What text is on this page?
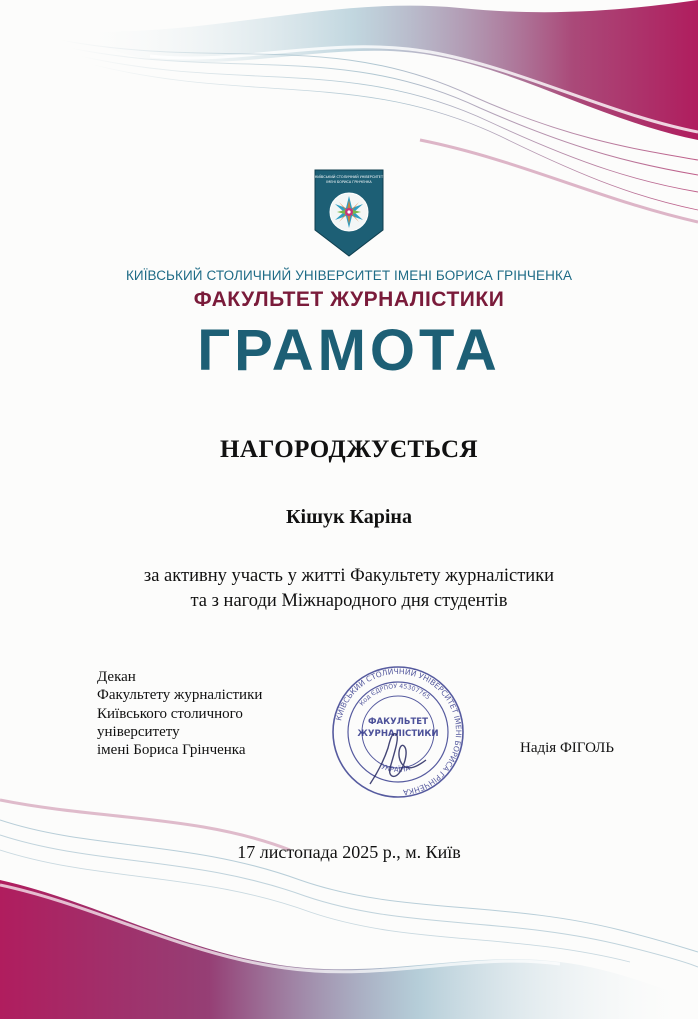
КИЇВСЬКИЙ СТОЛИЧНИЙ УНІВЕРСИТЕТ
ІМЕНІ БОРИСА ГРІНЧЕНКА
КИЇВСЬКИЙ СТОЛИЧНИЙ УНІВЕРСИТЕТ ІМЕНІ БОРИСА ГРІНЧЕНКА
ФАКУЛЬТЕТ ЖУРНАЛІСТИКИ
ГРАМОТА
НАГОРОДЖУЄТЬСЯ
Кішук Каріна
за активну участь у житті Факультету журналістики
та з нагоди Міжнародного дня студентів
Декан
Факультету журналістики
Київського столичного
університету
імені Бориса Грінченка
КИЇВСЬКИЙ СТОЛИЧНИЙ УНІВЕРСИТЕТ ІМЕНІ БОРИСА ГРІНЧЕНКА
Код ЄДРПОУ 45307765
ФАКУЛЬТЕТ
ЖУРНАЛІСТИКИ
УКРАЇНА
Надія ФІГОЛЬ
17 листопада 2025 р., м. Київ
